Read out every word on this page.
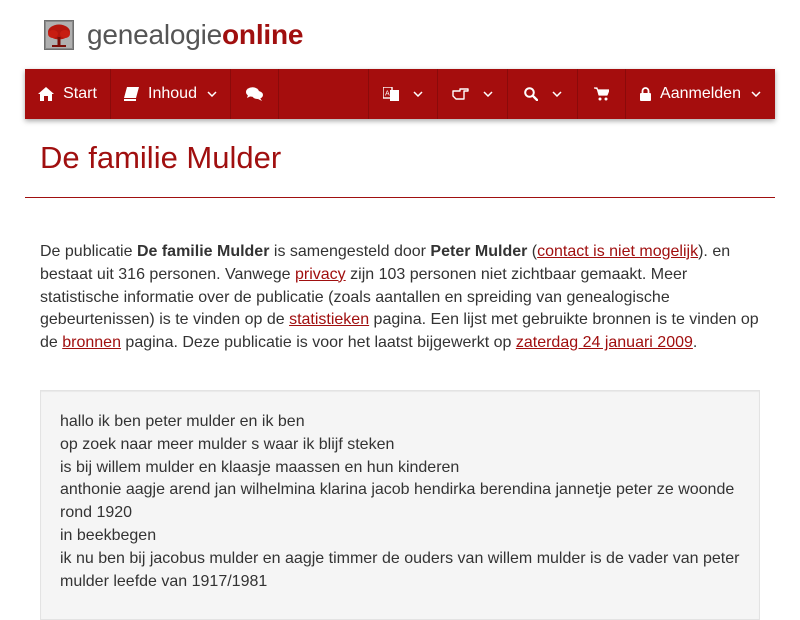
genealogieonline
Start	Inhoud	A	Aanmelden
De familie Mulder

De publicatie De familie Mulder is samengesteld door Peter Mulder (contact is niet mogelijk). en bestaat uit 316 personen. Vanwege privacy zijn 103 personen niet zichtbaar gemaakt. Meer statistische informatie over de publicatie (zoals aantallen en spreiding van genealogische gebeurtenissen) is te vinden op de statistieken pagina. Een lijst met gebruikte bronnen is te vinden op de bronnen pagina. Deze publicatie is voor het laatst bijgewerkt op zaterdag 24 januari 2009.

hallo ik ben peter mulder en ik ben
op zoek naar meer mulder s waar ik blijf steken
is bij willem mulder en klaasje maassen en hun kinderen
anthonie aagje arend jan wilhelmina klarina jacob hendirka berendina jannetje peter ze woonde rond 1920
in beekbegen
ik nu ben bij jacobus mulder en aagje timmer de ouders van willem mulder is de vader van peter mulder leefde van 1917/1981
